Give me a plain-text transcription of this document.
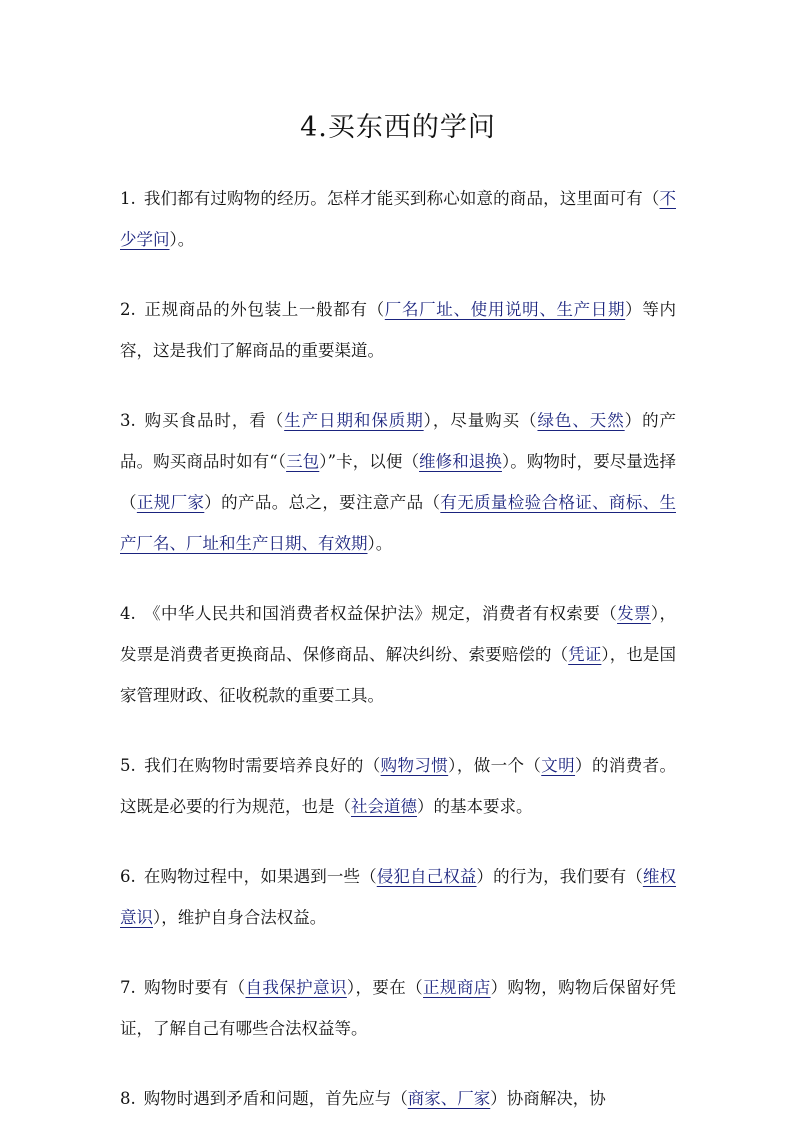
4.买东西的学问

1. 我们都有过购物的经历。怎样才能买到称心如意的商品，这里面可有（不少学问）。

2. 正规商品的外包装上一般都有（厂名厂址、使用说明、生产日期）等内容，这是我们了解商品的重要渠道。

3. 购买食品时，看（生产日期和保质期），尽量购买（绿色、天然）的产品。购买商品时如有“（三包）”卡，以便（维修和退换）。购物时，要尽量选择（正规厂家）的产品。总之，要注意产品（有无质量检验合格证、商标、生产厂名、厂址和生产日期、有效期）。

4. 《中华人民共和国消费者权益保护法》规定，消费者有权索要（发票），发票是消费者更换商品、保修商品、解决纠纷、索要赔偿的（凭证），也是国家管理财政、征收税款的重要工具。

5. 我们在购物时需要培养良好的（购物习惯），做一个（文明）的消费者。这既是必要的行为规范，也是（社会道德）的基本要求。

6. 在购物过程中，如果遇到一些（侵犯自己权益）的行为，我们要有（维权意识），维护自身合法权益。

7. 购物时要有（自我保护意识），要在（正规商店）购物，购物后保留好凭证，了解自己有哪些合法权益等。

8. 购物时遇到矛盾和问题，首先应与（商家、厂家）协商解决，协
